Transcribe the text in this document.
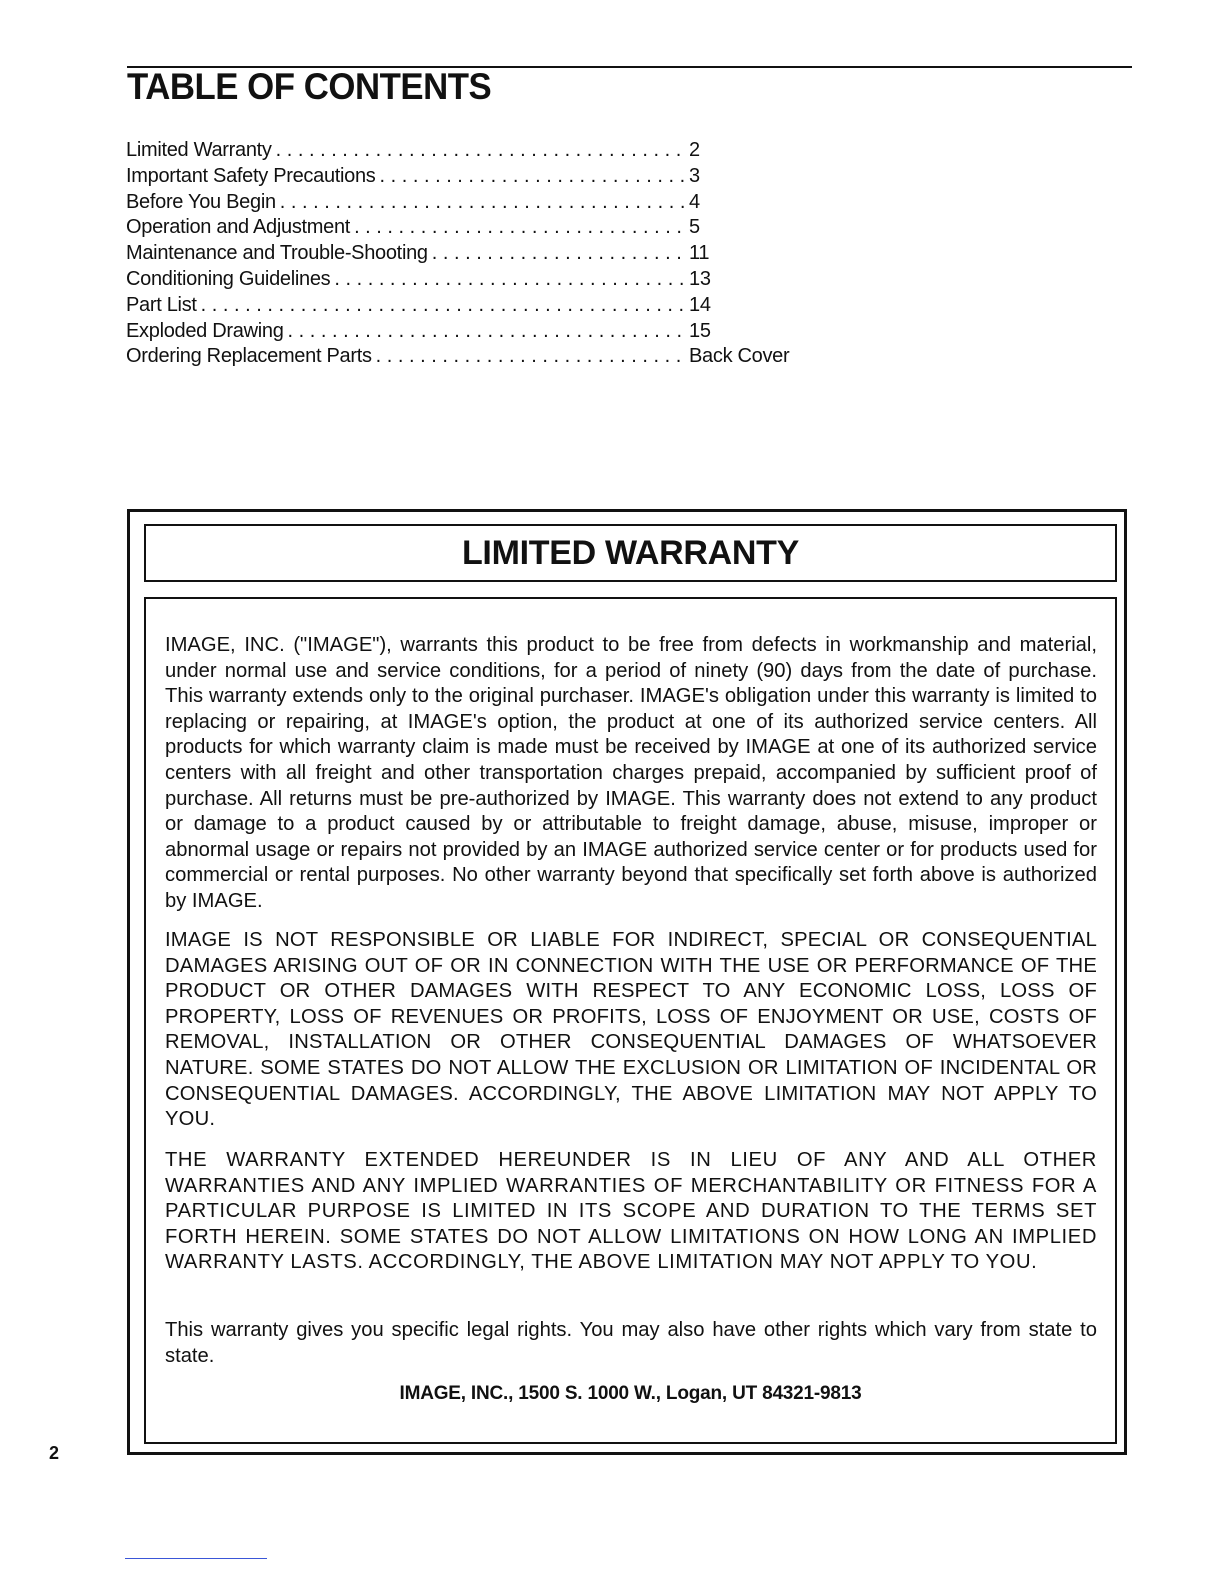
TABLE OF CONTENTS
Limited Warranty . . .	2
Important Safety Precautions . . .	3
Before You Begin . . .	4
Operation and Adjustment . . .	5
Maintenance and Trouble-Shooting . . .	11
Conditioning Guidelines . . .	13
Part List . . .	14
Exploded Drawing . . .	15
Ordering Replacement Parts . . .	Back Cover
LIMITED WARRANTY

IMAGE, INC. ("IMAGE"), warrants this product to be free from defects in workmanship and material, under normal use and service conditions, for a period of ninety (90) days from the date of purchase. This warranty extends only to the original purchaser. IMAGE's obligation under this warranty is limited to replacing or repairing, at IMAGE's option, the product at one of its authorized service centers. All products for which warranty claim is made must be received by IMAGE at one of its authorized service centers with all freight and other transportation charges prepaid, accompanied by sufficient proof of purchase. All returns must be pre-authorized by IMAGE. This warranty does not extend to any product or damage to a product caused by or attributable to freight damage, abuse, misuse, improper or abnormal usage or repairs not provided by an IMAGE authorized service center or for products used for commercial or rental purposes. No other warranty beyond that specifically set forth above is authorized by IMAGE.

IMAGE IS NOT RESPONSIBLE OR LIABLE FOR INDIRECT, SPECIAL OR CONSEQUENTIAL DAMAGES ARISING OUT OF OR IN CONNECTION WITH THE USE OR PERFORMANCE OF THE PRODUCT OR OTHER DAMAGES WITH RESPECT TO ANY ECONOMIC LOSS, LOSS OF PROPERTY, LOSS OF REVENUES OR PROFITS, LOSS OF ENJOYMENT OR USE, COSTS OF REMOVAL, INSTALLATION OR OTHER CONSEQUENTIAL DAMAGES OF WHATSOEVER NATURE. SOME STATES DO NOT ALLOW THE EXCLUSION OR LIMITATION OF INCIDENTAL OR CONSEQUENTIAL DAMAGES. ACCORDINGLY, THE ABOVE LIMITATION MAY NOT APPLY TO YOU.

THE WARRANTY EXTENDED HEREUNDER IS IN LIEU OF ANY AND ALL OTHER WARRANTIES AND ANY IMPLIED WARRANTIES OF MERCHANTABILITY OR FITNESS FOR A PARTICULAR PURPOSE IS LIMITED IN ITS SCOPE AND DURATION TO THE TERMS SET FORTH HEREIN. SOME STATES DO NOT ALLOW LIMITATIONS ON HOW LONG AN IMPLIED WARRANTY LASTS. ACCORDINGLY, THE ABOVE LIMITATION MAY NOT APPLY TO YOU.

This warranty gives you specific legal rights. You may also have other rights which vary from state to state.

IMAGE, INC., 1500 S. 1000 W., Logan, UT 84321-9813
2
